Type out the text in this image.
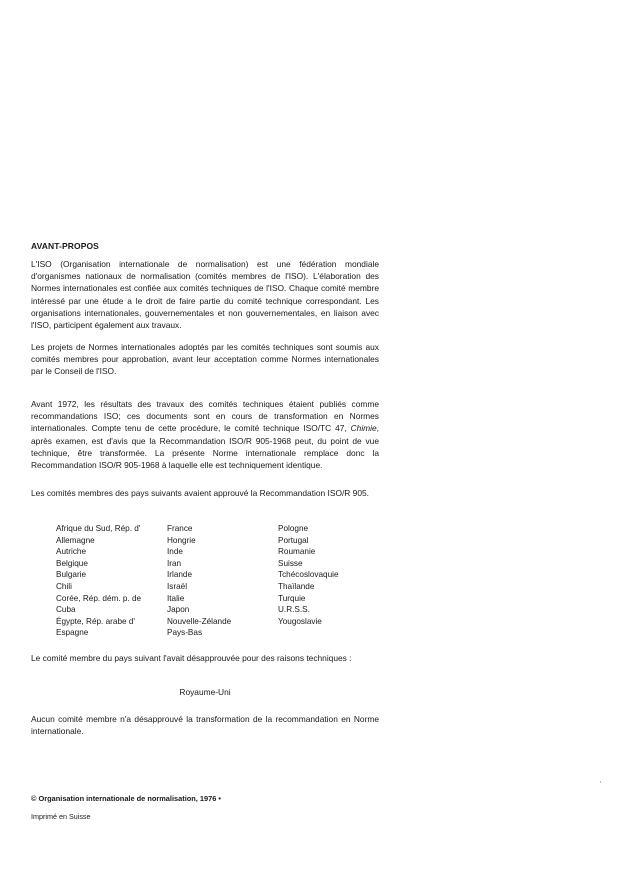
AVANT-PROPOS

L'ISO (Organisation internationale de normalisation) est une fédération mondiale d'organismes nationaux de normalisation (comités membres de l'ISO). L'élaboration des Normes internationales est confiée aux comités techniques de l'ISO. Chaque comité membre intéressé par une étude a le droit de faire partie du comité technique correspondant. Les organisations internationales, gouvernementales et non gouvernementales, en liaison avec l'ISO, participent également aux travaux.

Les projets de Normes internationales adoptés par les comités techniques sont soumis aux comités membres pour approbation, avant leur acceptation comme Normes internationales par le Conseil de l'ISO.

Avant 1972, les résultats des travaux des comités techniques étaient publiés comme recommandations ISO; ces documents sont en cours de transformation en Normes internationales. Compte tenu de cette procédure, le comité technique ISO/TC 47, Chimie, après examen, est d'avis que la Recommandation ISO/R 905-1968 peut, du point de vue technique, être transformée. La présente Norme internationale remplace donc la Recommandation ISO/R 905-1968 à laquelle elle est techniquement identique.

Les comités membres des pays suivants avaient approuvé la Recommandation ISO/R 905.

Afrique du Sud, Rép. d'	France	Pologne
Allemagne	Hongrie	Portugal
Autriche	Inde	Roumanie
Belgique	Iran	Suisse
Bulgarie	Irlande	Tchécoslovaquie
Chili	Israël	Thaïlande
Corée, Rép. dém. p. de	Italie	Turquie
Cuba	Japon	U.R.S.S.
Égypte, Rép. arabe d'	Nouvelle-Zélande	Yougoslavie
Espagne	Pays-Bas

Le comité membre du pays suivant l'avait désapprouvée pour des raisons techniques :

Royaume-Uni

Aucun comité membre n'a désapprouvé la transformation de la recommandation en Norme internationale.

© Organisation internationale de normalisation, 1976 •
Imprimé en Suisse
